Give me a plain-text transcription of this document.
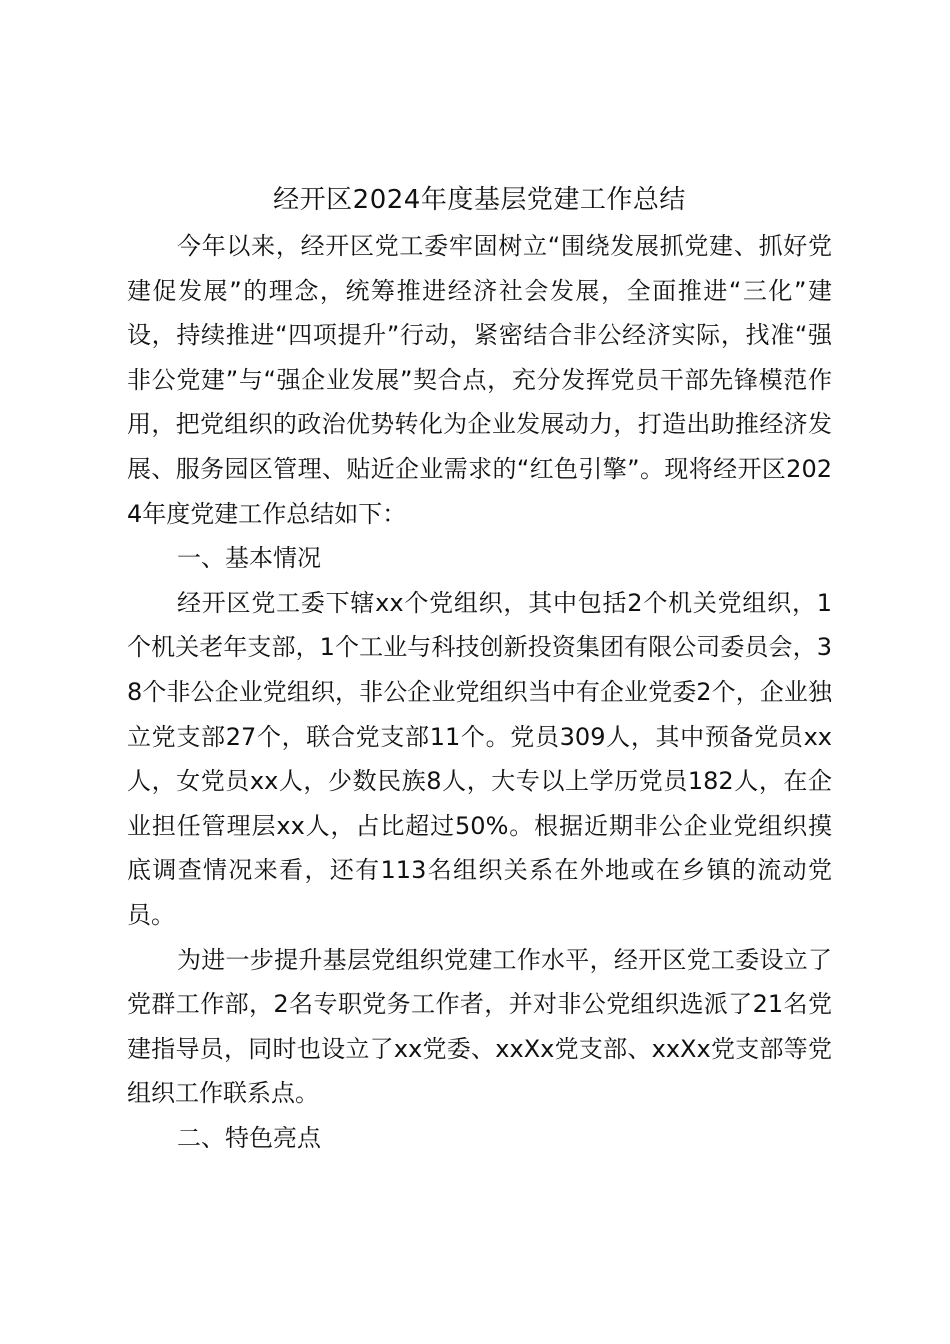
经开区2024年度基层党建工作总结

今年以来，经开区党工委牢固树立“围绕发展抓党建、抓好党建促发展”的理念，统筹推进经济社会发展，全面推进“三化”建设，持续推进“四项提升”行动，紧密结合非公经济实际，找准“强非公党建”与“强企业发展”契合点，充分发挥党员干部先锋模范作用，把党组织的政治优势转化为企业发展动力，打造出助推经济发展、服务园区管理、贴近企业需求的“红色引擎”。现将经开区2024年度党建工作总结如下：

一、基本情况

经开区党工委下辖xx个党组织，其中包括2个机关党组织，1个机关老年支部，1个工业与科技创新投资集团有限公司委员会，38个非公企业党组织，非公企业党组织当中有企业党委2个，企业独立党支部27个，联合党支部11个。党员309人，其中预备党员xx人，女党员xx人，少数民族8人，大专以上学历党员182人，在企业担任管理层xx人，占比超过50%。根据近期非公企业党组织摸底调查情况来看，还有113名组织关系在外地或在乡镇的流动党员。

为进一步提升基层党组织党建工作水平，经开区党工委设立了党群工作部，2名专职党务工作者，并对非公党组织选派了21名党建指导员，同时也设立了xx党委、xxXx党支部、xxXx党支部等党组织工作联系点。

二、特色亮点
